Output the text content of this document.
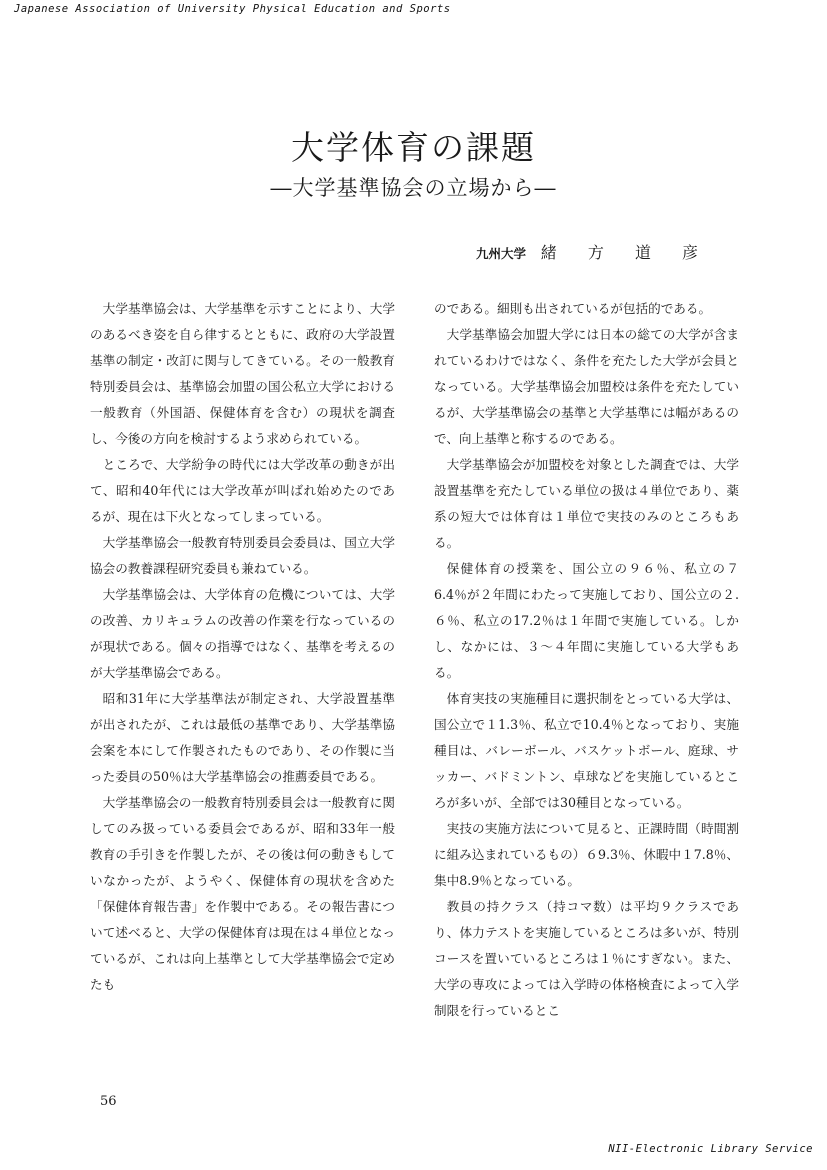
Japanese Association of University Physical Education and Sports
大学体育の課題
―大学基準協会の立場から―
九州大学 緒 方 道 彦

大学基準協会は、大学基準を示すことにより、大学のあるべき姿を自ら律するとともに、政府の大学設置基準の制定・改訂に関与してきている。その一般教育特別委員会は、基準協会加盟の国公私立大学における一般教育（外国語、保健体育を含む）の現状を調査し、今後の方向を検討するよう求められている。

ところで、大学紛争の時代には大学改革の動きが出て、昭和40年代には大学改革が叫ばれ始めたのであるが、現在は下火となってしまっている。

大学基準協会一般教育特別委員会委員は、国立大学協会の教養課程研究委員も兼ねている。

大学基準協会は、大学体育の危機については、大学の改善、カリキュラムの改善の作業を行なっているのが現状である。個々の指導ではなく、基準を考えるのが大学基準協会である。

昭和31年に大学基準法が制定され、大学設置基準が出されたが、これは最低の基準であり、大学基準協会案を本にして作製されたものであり、その作製に当った委員の50％は大学基準協会の推薦委員である。

大学基準協会の一般教育特別委員会は一般教育に関してのみ扱っている委員会であるが、昭和33年一般教育の手引きを作製したが、その後は何の動きもしていなかったが、ようやく、保健体育の現状を含めた「保健体育報告書」を作製中である。その報告書について述べると、大学の保健体育は現在は４単位となっているが、これは向上基準として大学基準協会で定めたも

のである。細則も出されているが包括的である。

大学基準協会加盟大学には日本の総ての大学が含まれているわけではなく、条件を充たした大学が会員となっている。大学基準協会加盟校は条件を充たしているが、大学基準協会の基準と大学基準には幅があるので、向上基準と称するのである。

大学基準協会が加盟校を対象とした調査では、大学設置基準を充たしている単位の扱は４単位であり、薬系の短大では体育は１単位で実技のみのところもある。

保健体育の授業を、国公立の９６％、私立の７6.4％が２年間にわたって実施しており、国公立の２.６％、私立の17.2％は１年間で実施している。しかし、なかには、３～４年間に実施している大学もある。

体育実技の実施種目に選択制をとっている大学は、国公立で１1.3％、私立で10.4％となっており、実施種目は、バレーボール、バスケットボール、庭球、サッカー、バドミントン、卓球などを実施しているところが多いが、全部では30種目となっている。

実技の実施方法について見ると、正課時間（時間割に組み込まれているもの）６9.3％、休暇中１7.8％、集中8.9％となっている。

教員の持クラス（持コマ数）は平均９クラスであり、体力テストを実施しているところは多いが、特別コースを置いているところは１％にすぎない。また、大学の専攻によっては入学時の体格検査によって入学制限を行っているとこ

56
NII-Electronic Library Service
